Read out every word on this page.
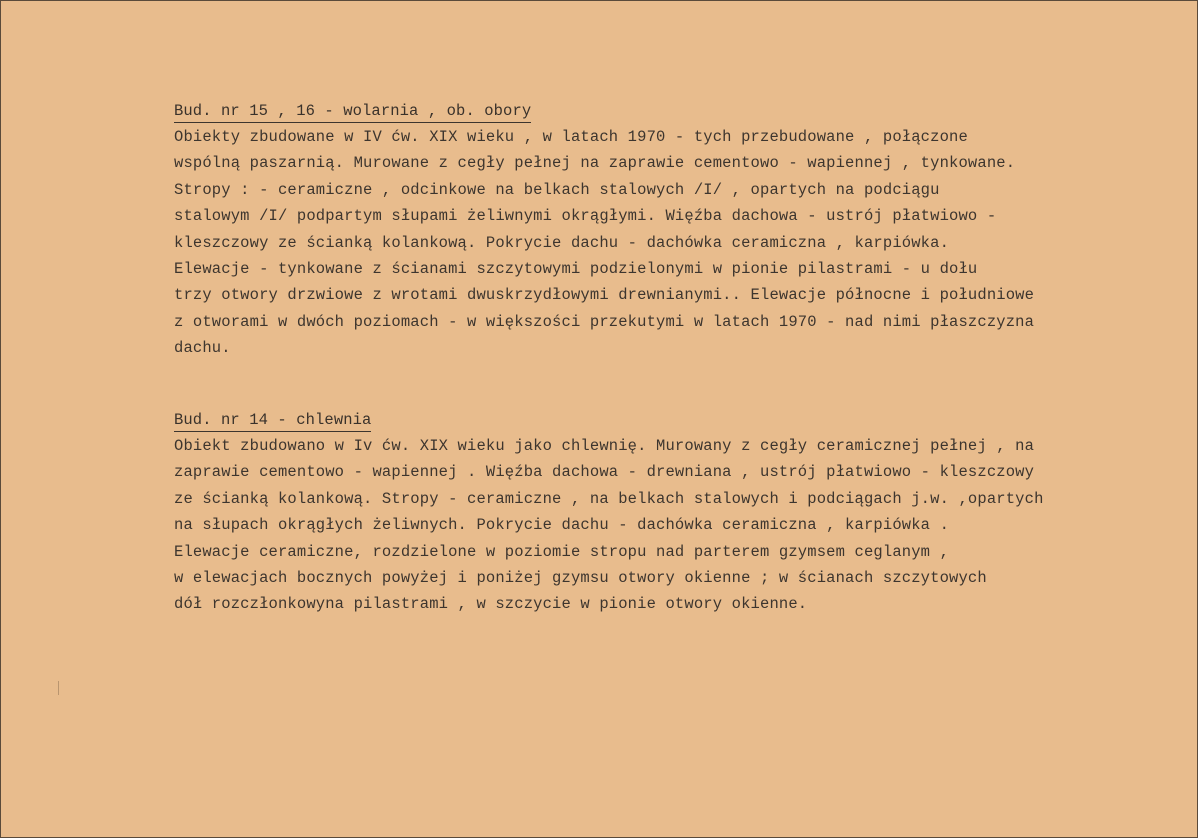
Bud. nr 15 , 16 - wolarnia , ob. obory
Obiekty zbudowane w IV ćw. XIX wieku , w latach 1970 - tych przebudowane , połączone
wspólną paszarnią. Murowane z cegły pełnej na zaprawie cementowo - wapiennej , tynkowane.
Stropy : - ceramiczne , odcinkowe na belkach stalowych /I/ , opartych na podciągu
stalowym /I/ podpartym słupami żeliwnymi okrągłymi. Więźba dachowa - ustrój płatwiowo -
kleszczowy ze ścianką kolankową. Pokrycie dachu - dachówka ceramiczna , karpiówka.
Elewacje - tynkowane z ścianami szczytowymi podzielonymi w pionie pilastrami - u dołu
trzy otwory drzwiowe z wrotami dwuskrzydłowymi drewnianymi.. Elewacje północne i południowe
z otworami w dwóch poziomach - w większości przekutymi w latach 1970 - nad nimi płaszczyzna
dachu.
Bud. nr 14 - chlewnia
Obiekt zbudowano w Iv ćw. XIX wieku jako chlewnię. Murowany z cegły ceramicznej pełnej , na
zaprawie cementowo - wapiennej . Więźba dachowa - drewniana , ustrój płatwiowo - kleszczowy
ze ścianką kolankową. Stropy - ceramiczne , na belkach stalowych i podciągach j.w. ,opartych
na słupach okrągłych żeliwnych. Pokrycie dachu - dachówka ceramiczna , karpiówka .
Elewacje ceramiczne, rozdzielone w poziomie stropu nad parterem gzymsem ceglanym ,
w elewacjach bocznych powyżej i poniżej gzymsu otwory okienne ; w ścianach szczytowych
dół rozczłonkowyna pilastrami , w szczycie w pionie otwory okienne.
